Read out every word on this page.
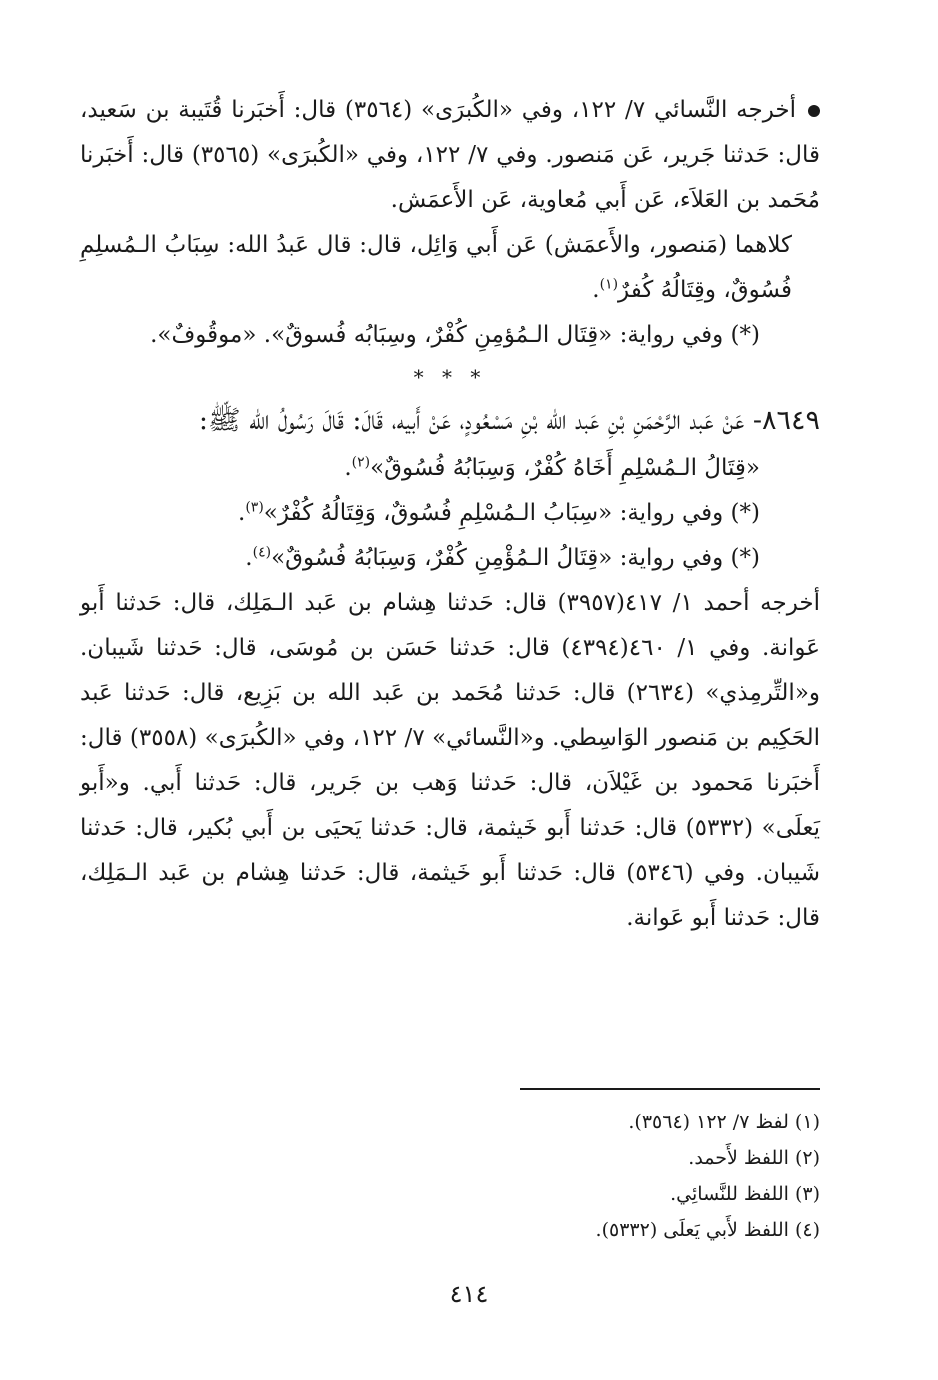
أخرجه النَّسائي ٧/ ١٢٢، وفي «الكُبرَى» (٣٥٦٤) قال: أَخبَرنا قُتَيبة بن سَعيد، قال: حَدثنا جَرير، عَن مَنصور. وفي ٧/ ١٢٢، وفي «الكُبرَى» (٣٥٦٥) قال: أَخبَرنا مُحَمد بن العَلاَء، عَن أَبي مُعاوية، عَن الأَعمَش.

كلاهما (مَنصور، والأَعمَش) عَن أَبي وَائِل، قال: قال عَبدُ الله: سِبَابُ الـمُسلِمِ فُسُوقٌ، وقِتَالُهُ كُفرٌ$^{(١)}$.

(*) وفي رواية: «قِتَال الـمُؤمِنِ كُفْرٌ، وسِبَابُه فُسوقٌ». «موقُوفٌ».

* * *

٨٦٤٩- عَنْ عَبد الرَّحْمَنِ بْنِ عَبد الله بْنِ مَسْعُودٍ، عَنْ أَبيه، قَالَ: قَالَ رَسُولُ الله ﷺ:

«قِتَالُ الـمُسْلِمِ أَخَاهُ كُفْرٌ، وَسِبَابُهُ فُسُوقٌ»$^{(٢)}$.

(*) وفي رواية: «سِبَابُ الـمُسْلِمِ فُسُوقٌ، وَقِتَالُهُ كُفْرٌ»$^{(٣)}$.

(*) وفي رواية: «قِتَالُ الـمُؤْمِنِ كُفْرٌ، وَسِبَابُهُ فُسُوقٌ»$^{(٤)}$.

أخرجه أحمد ١/ ٤١٧(٣٩٥٧) قال: حَدثنا هِشام بن عَبد الـمَلِك، قال: حَدثنا أَبو عَوانة. وفي ١/ ٤٦٠(٤٣٩٤) قال: حَدثنا حَسَن بن مُوسَى، قال: حَدثنا شَيبان. و«التِّرمِذي» (٢٦٣٤) قال: حَدثنا مُحَمد بن عَبد الله بن بَزِيع، قال: حَدثنا عَبد الحَكِيم بن مَنصور الوَاسِطي. و«النَّسائي» ٧/ ١٢٢، وفي «الكُبرَى» (٣٥٥٨) قال: أَخبَرنا مَحمود بن غَيْلاَن، قال: حَدثنا وَهب بن جَرير، قال: حَدثنا أَبي. و«أَبو يَعلَى» (٥٣٣٢) قال: حَدثنا أَبو خَيثمة، قال: حَدثنا يَحيَى بن أَبي بُكير، قال: حَدثنا شَيبان. وفي (٥٣٤٦) قال: حَدثنا أَبو خَيثمة، قال: حَدثنا هِشام بن عَبد الـمَلِك، قال: حَدثنا أَبو عَوانة.

(١) لفظ ٧/ ١٢٢ (٣٥٦٤).

(٢) اللفظ لأَحمد.

(٣) اللفظ للنَّسائِي.

(٤) اللفظ لأَبي يَعلَى (٥٣٣٢).

٤١٤
